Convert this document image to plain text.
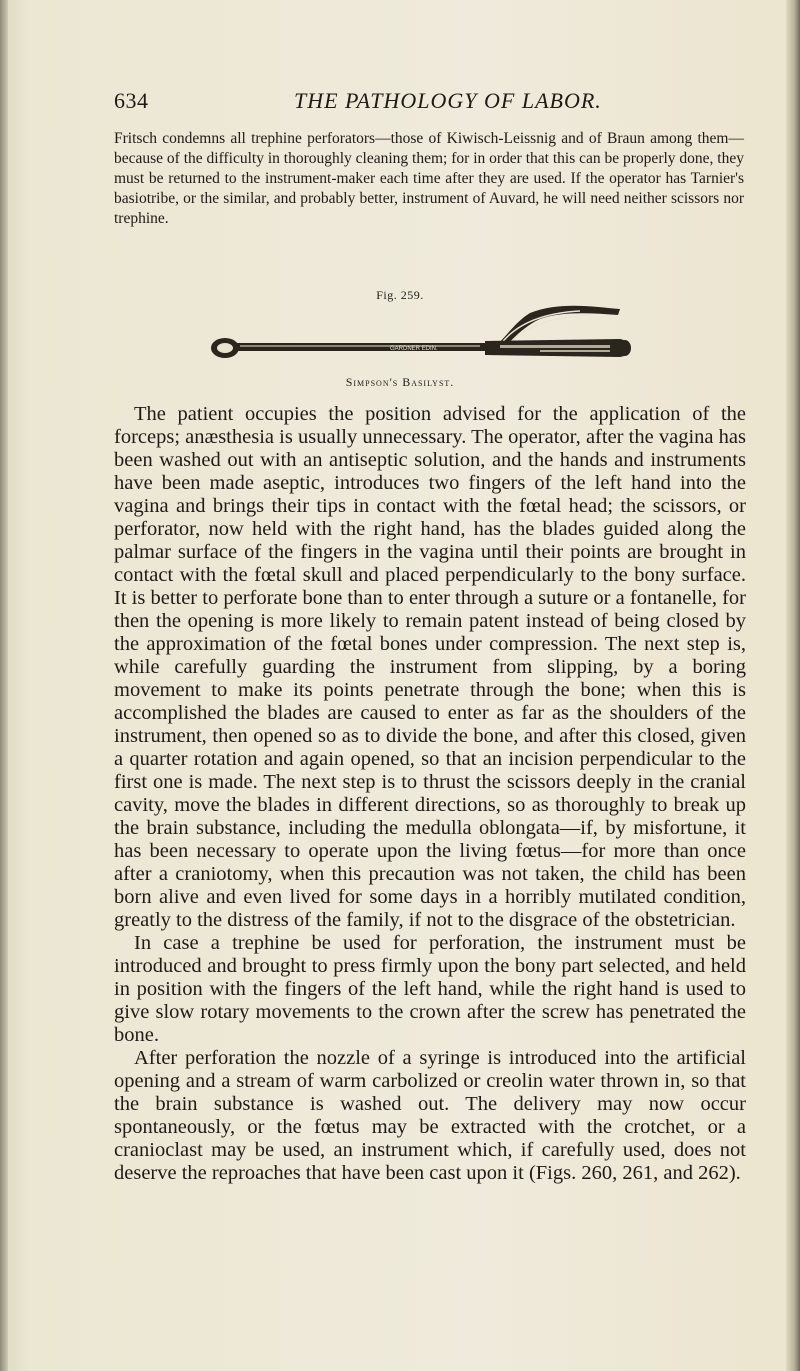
634	THE PATHOLOGY OF LABOR.
Fritsch condemns all trephine perforators—those of Kiwisch-Leissnig and of Braun among them—because of the difficulty in thoroughly cleaning them; for in order that this can be properly done, they must be returned to the instrument-maker each time after they are used. If the operator has Tarnier's basiotribe, or the similar, and probably better, instrument of Auvard, he will need neither scissors nor trephine.
Fig. 259.
GARDNER EDIN.
Simpson's Basilyst.

The patient occupies the position advised for the application of the forceps; anæsthesia is usually unnecessary. The operator, after the vagina has been washed out with an antiseptic solution, and the hands and instruments have been made aseptic, introduces two fingers of the left hand into the vagina and brings their tips in contact with the fœtal head; the scissors, or perforator, now held with the right hand, has the blades guided along the palmar surface of the fingers in the vagina until their points are brought in contact with the fœtal skull and placed perpendicularly to the bony surface. It is better to perforate bone than to enter through a suture or a fontanelle, for then the opening is more likely to remain patent instead of being closed by the approximation of the fœtal bones under compression. The next step is, while carefully guarding the instrument from slipping, by a boring movement to make its points penetrate through the bone; when this is accomplished the blades are caused to enter as far as the shoulders of the instrument, then opened so as to divide the bone, and after this closed, given a quarter rotation and again opened, so that an incision perpendicular to the first one is made. The next step is to thrust the scissors deeply in the cranial cavity, move the blades in different directions, so as thoroughly to break up the brain substance, including the medulla oblongata—if, by misfortune, it has been necessary to operate upon the living fœtus—for more than once after a craniotomy, when this precaution was not taken, the child has been born alive and even lived for some days in a horribly mutilated condition, greatly to the distress of the family, if not to the disgrace of the obstetrician.

In case a trephine be used for perforation, the instrument must be introduced and brought to press firmly upon the bony part selected, and held in position with the fingers of the left hand, while the right hand is used to give slow rotary movements to the crown after the screw has penetrated the bone.

After perforation the nozzle of a syringe is introduced into the artificial opening and a stream of warm carbolized or creolin water thrown in, so that the brain substance is washed out. The delivery may now occur spontaneously, or the fœtus may be extracted with the crotchet, or a cranioclast may be used, an instrument which, if carefully used, does not deserve the reproaches that have been cast upon it (Figs. 260, 261, and 262).
